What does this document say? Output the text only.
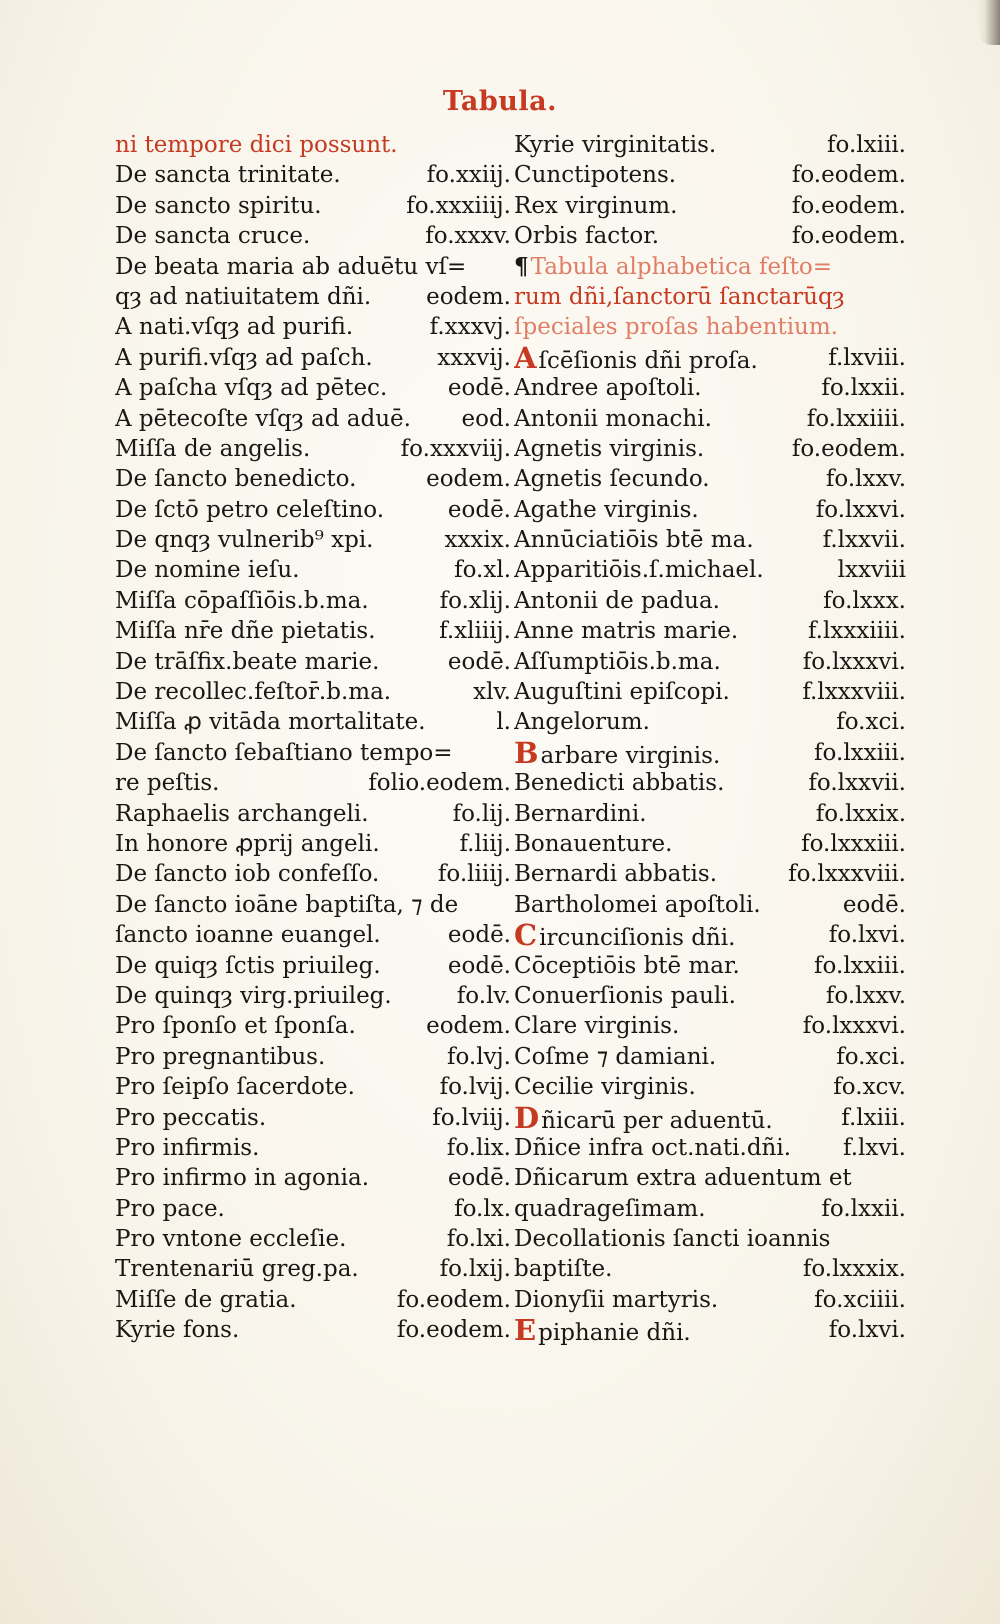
Tabula.
ni tempore dici possunt.
De sancta trinitate.	fo.xxiij.
De sancto spiritu.	fo.xxxiiij.
De sancta cruce.	fo.xxxv.
De beata maria ab aduētu vſ=
qȝ ad natiuitatem dñi. eodem.
A nati.vſqȝ ad purifi.	f.xxxvj.
A purifi.vſqȝ ad paſch.	xxxvij.
A paſcha vſqȝ ad pētec.	eodē.
A pētecoſte vſqȝ ad aduē. eod.
Miſſa de angelis.	fo.xxxviij.
De ſancto benedicto.	eodem.
De ſctō petro celeſtino.	eodē.
De qnqȝ vulnerib⁹ xpi.	xxxix.
De nomine ieſu.	fo.xl.
Miſſa cōpaſſiōis.b.ma.	fo.xlij.
Miſſa nr̄e dñe pietatis.	f.xliiij.
De trāſfix.beate marie.	eodē.
De recollec.feſtor̄.b.ma.	xlv.
Miſſa ꝓ vitāda mortalitate.	l.
De ſancto ſebaſtiano tempo=
re peſtis.	folio.eodem.
Raphaelis archangeli.	fo.lij.
In honore ꝓprij angeli.	f.liij.
De ſancto iob confeſſo.	fo.liiij.
De ſancto ioāne baptiſta, ⁊ de
ſancto ioanne euangel.	eodē.
De quiqȝ ſctis priuileg.	eodē.
De quinqȝ virg.priuileg.	fo.lv.
Pro ſponſo et ſponſa.	eodem.
Pro pregnantibus.	fo.lvj.
Pro ſeipſo ſacerdote.	fo.lvij.
Pro peccatis.	fo.lviij.
Pro infirmis.	fo.lix.
Pro infirmo in agonia.	eodē.
Pro pace.	fo.lx.
Pro vntone eccleſie.	fo.lxi.
Trentenariū greg.pa.	fo.lxij.
Miſſe de gratia.	fo.eodem.
Kyrie fons.	fo.eodem.
Kyrie virginitatis.	fo.lxiii.
Cunctipotens.	fo.eodem.
Rex virginum.	fo.eodem.
Orbis factor.	fo.eodem.
¶Tabula alphabetica feſto=
rum dñi,ſanctorū ſanctarūqȝ
ſpeciales proſas habentium.
Aſcēſionis dñi proſa.	f.lxviii.
Andree apoſtoli.	fo.lxxii.
Antonii monachi.	fo.lxxiiii.
Agnetis virginis.	fo.eodem.
Agnetis ſecundo.	fo.lxxv.
Agathe virginis.	fo.lxxvi.
Annūciatiōis btē ma.	f.lxxvii.
Apparitiōis.ſ.michael.	lxxviii
Antonii de padua.	fo.lxxx.
Anne matris marie.	f.lxxxiiii.
Aſſumptiōis.b.ma.	fo.lxxxvi.
Auguſtini epiſcopi.	f.lxxxviii.
Angelorum.	fo.xci.
Barbare virginis.	fo.lxxiii.
Benedicti abbatis.	fo.lxxvii.
Bernardini.	fo.lxxix.
Bonauenture.	fo.lxxxiii.
Bernardi abbatis.	fo.lxxxviii.
Bartholomei apoſtoli.	eodē.
Circunciſionis dñi.	fo.lxvi.
Cōceptiōis btē mar.	fo.lxxiii.
Conuerſionis pauli.	fo.lxxv.
Clare virginis.	fo.lxxxvi.
Coſme ⁊ damiani.	fo.xci.
Cecilie virginis.	fo.xcv.
Dñicarū per aduentū.	f.lxiii.
Dñice infra oct.nati.dñi. f.lxvi.
Dñicarum extra aduentum et
quadrageſimam.	fo.lxxii.
Decollationis ſancti ioannis
baptiſte.	fo.lxxxix.
Dionyſii martyris.	fo.xciiii.
Epiphanie dñi.	fo.lxvi.
